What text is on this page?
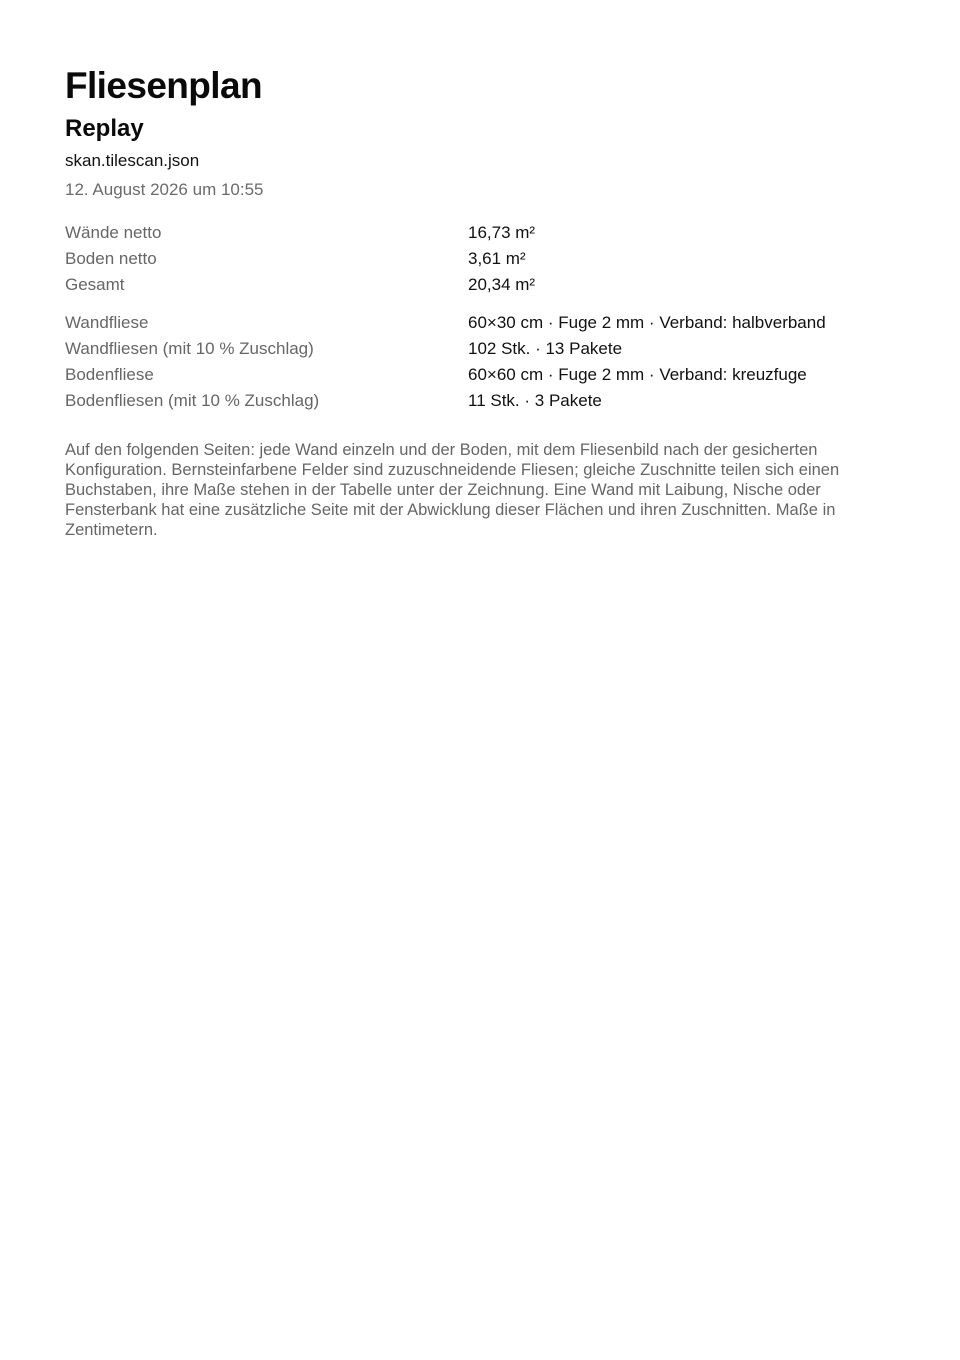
Fliesenplan
Replay
skan.tilescan.json
12. August 2026 um 10:55
Wände netto	16,73 m²
Boden netto	3,61 m²
Gesamt	20,34 m²
Wandfliese	60×30 cm · Fuge 2 mm · Verband: halbverband
Wandfliesen (mit 10 % Zuschlag)	102 Stk. · 13 Pakete
Bodenfliese	60×60 cm · Fuge 2 mm · Verband: kreuzfuge
Bodenfliesen (mit 10 % Zuschlag)	11 Stk. · 3 Pakete

Auf den folgenden Seiten: jede Wand einzeln und der Boden, mit dem Fliesenbild nach der gesicherten Konfiguration. Bernsteinfarbene Felder sind zuzuschneidende Fliesen; gleiche Zuschnitte teilen sich einen Buchstaben, ihre Maße stehen in der Tabelle unter der Zeichnung. Eine Wand mit Laibung, Nische oder Fensterbank hat eine zusätzliche Seite mit der Abwicklung dieser Flächen und ihren Zuschnitten. Maße in Zentimetern.
